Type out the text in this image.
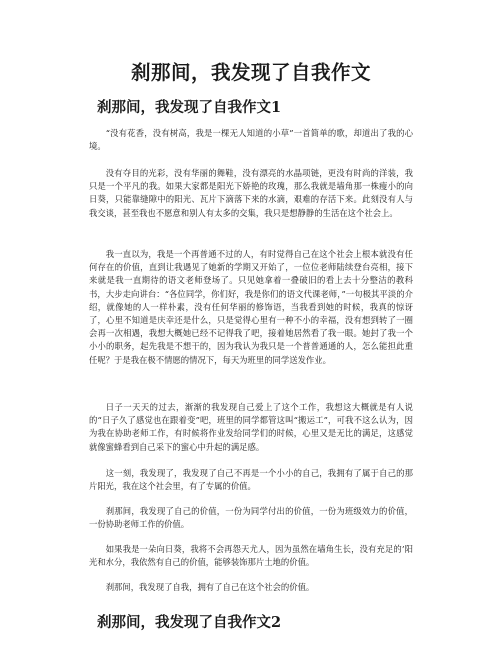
刹那间，我发现了自我作文
刹那间，我发现了自我作文1

“没有花香，没有树高，我是一棵无人知道的小草”一首简单的歌，却道出了我的心境。

没有夺目的光彩，没有华丽的舞鞋，没有漂亮的水晶项链，更没有时尚的洋装，我只是一个平凡的我。如果大家都是阳光下娇艳的玫瑰，那么我就是墙角那一株瘦小的向日葵，只能靠缝隙中的阳光、瓦片下滴落下来的水滴，艰难的存活下来。此刻没有人与我交谈，甚至我也不愿意和别人有太多的交集，我只是想静静的生活在这个社会上。

我一直以为，我是一个再普通不过的人，有时觉得自己在这个社会上根本就没有任何存在的价值，直到让我遇见了她新的学期又开始了，一位位老师陆续登台亮相，接下来就是我一直期待的语文老师登场了。只见她拿着一叠破旧的看上去十分整洁的教科书，大步走向讲台：“各位同学，你们好，我是你们的语文代课老师，”一句极其平淡的介绍，就像她的人一样朴素，没有任何华丽的修饰语，当我看到她的时候，我真的惊讶了，心里不知道是庆幸还是什么，只是觉得心里有一种不小的幸福，没有想到转了一圈会再一次相遇，我想大概她已经不记得我了吧，接着她居然看了我一眼。她封了我一个小小的职务，起先我是不想干的，因为我认为我只是一个普普通通的人，怎么能担此重任呢？于是我在极不情愿的情况下，每天为班里的同学送发作业。

日子一天天的过去，渐渐的我发现自己爱上了这个工作，我想这大概就是有人说的“日子久了感觉也在跟着变”吧，班里的同学都管这叫“搬运工”，可我不这么认为，因为我在协助老师工作，有时候将作业发给同学们的时候，心里又是无比的满足，这感觉就像蜜蜂看到自己采下的蜜心中升起的满足感。

这一刻，我发现了，我发现了自己不再是一个小小的自己，我拥有了属于自己的那片阳光，我在这个社会里，有了专属的价值。

刹那间，我发现了自己的价值，一份为同学付出的价值，一份为班级效力的价值，一份协助老师工作的价值。

如果我是一朵向日葵，我将不会再怨天尤人，因为虽然在墙角生长，没有充足的’阳光和水分，我依然有自己的价值，能够装饰那片土地的价值。

刹那间，我发现了自我，拥有了自己在这个社会的价值。

刹那间，我发现了自我作文2
